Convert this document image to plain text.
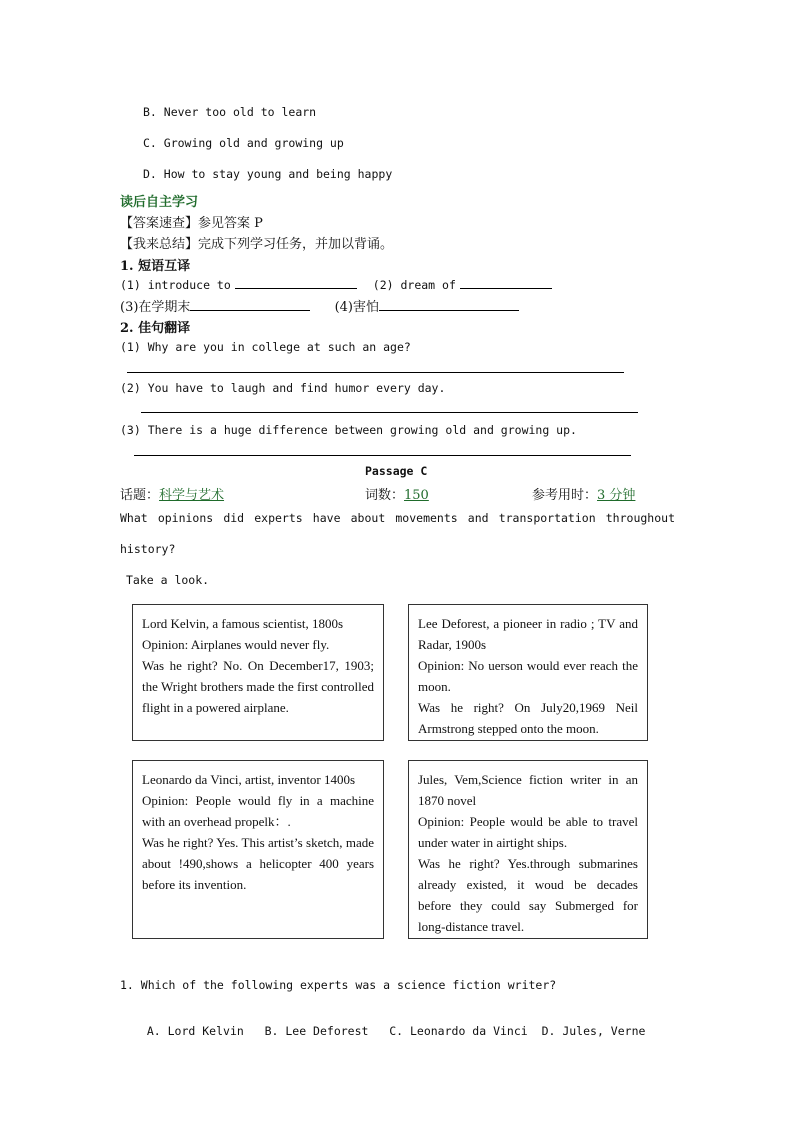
B. Never too old to learn
C. Growing old and growing up
D. How to stay young and being happy
读后自主学习
【答案速查】参见答案 P
【我来总结】完成下列学习任务，并加以背诵。
1. 短语互译
(1) introduce to	(2) dream of
(3)在学期末	(4)害怕
2. 佳句翻译
(1) Why are you in college at such an age?
(2) You have to laugh and find humor every day.
(3) There is a huge difference between growing old and growing up.
Passage C
话题：科学与艺术	词数：150	参考用时：3 分钟
What opinions did experts have about movements and transportation throughout
history?
Take a look.
Lord Kelvin, a famous scientist, 1800s
Opinion: Airplanes would never fly.
Was he right? No. On December17, 1903; the Wright brothers made the first controlled flight in a powered airplane.
Lee Deforest, a pioneer in radio ; TV and Radar, 1900s
Opinion: No uerson would ever reach the moon.
Was he right? On July20,1969 Neil Armstrong stepped onto the moon.
Leonardo da Vinci, artist, inventor 1400s
Opinion: People would fly in a machine with an overhead propelk：.
Was he right? Yes. This artist’s sketch, made about !490,shows a helicopter 400 years before its invention.
Jules, Vem,Science fiction writer in an 1870 novel
Opinion: People would be able to travel under water in airtight ships.
Was he right? Yes.through submarines already existed, it woud be decades before they could say Submerged for long-distance travel.
1. Which of the following experts was a science fiction writer?

A. Lord Kelvin B. Lee Deforest C. Leonardo da Vinci D. Jules, Verne
